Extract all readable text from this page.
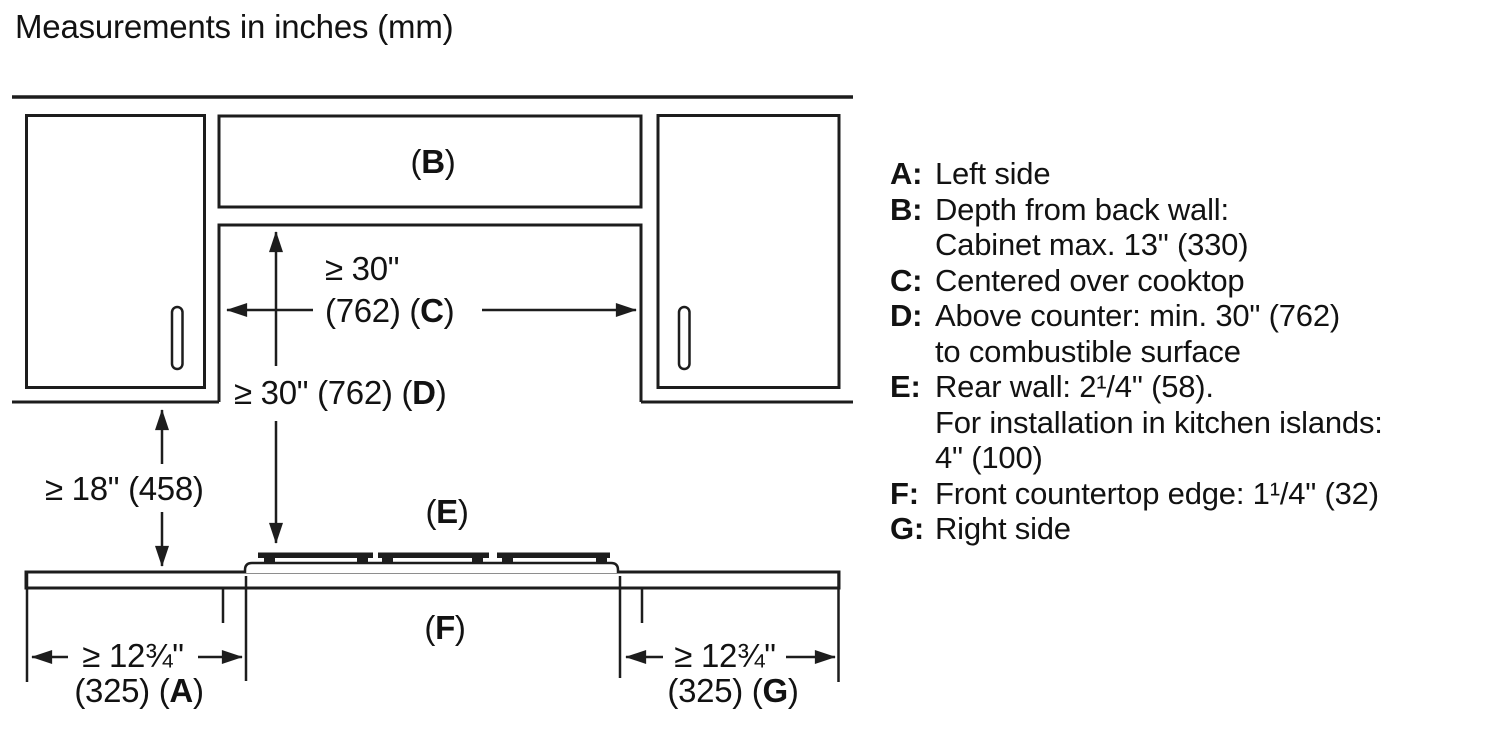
Measurements in inches (mm)
(B)
≥ 30"
(762) (C)
≥ 30" (762) (D)
(E)
(F)
≥ 18" (458)
≥ 12¾"
(325) (A)
≥ 12¾"
(325) (G)
A: Left side
B: Depth from back wall:
Cabinet max. 13" (330)
C: Centered over cooktop
D: Above counter: min. 30" (762)
to combustible surface
E: Rear wall: 2¹/4" (58).
For installation in kitchen islands:
4" (100)
F: Front countertop edge: 1¹/4" (32)
G: Right side
